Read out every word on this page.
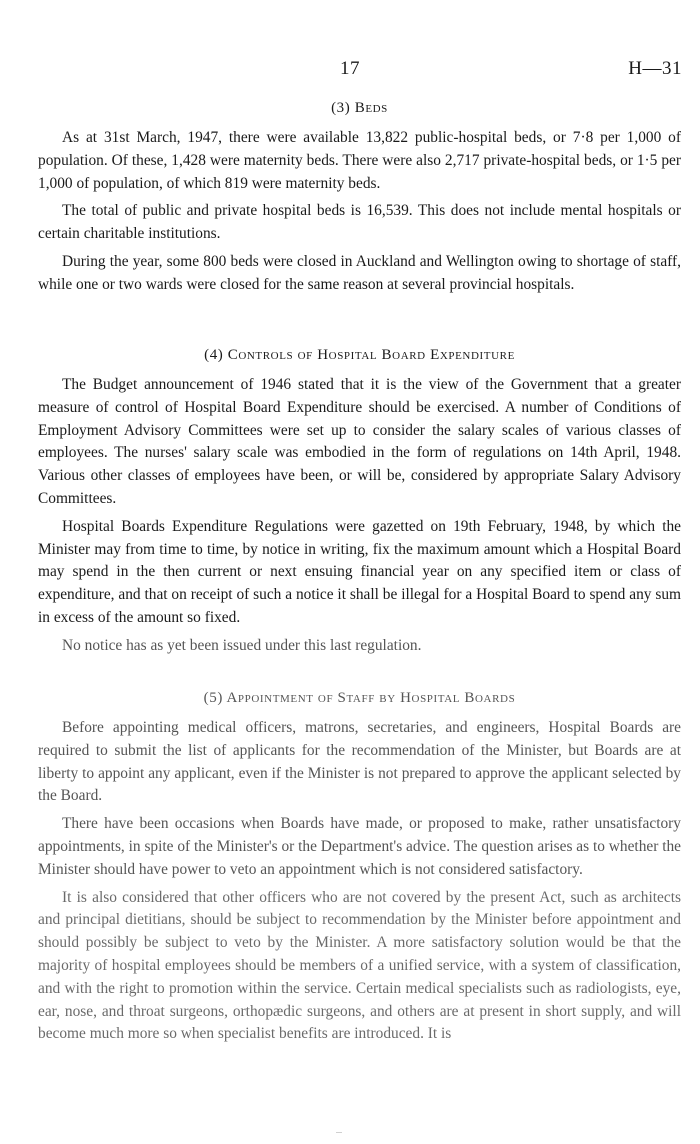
17	H—31
(3) Beds

As at 31st March, 1947, there were available 13,822 public-hospital beds, or 7·8 per 1,000 of population. Of these, 1,428 were maternity beds. There were also 2,717 private-hospital beds, or 1·5 per 1,000 of population, of which 819 were maternity beds.

The total of public and private hospital beds is 16,539. This does not include mental hospitals or certain charitable institutions.

During the year, some 800 beds were closed in Auckland and Wellington owing to shortage of staff, while one or two wards were closed for the same reason at several provincial hospitals.

(4) Controls of Hospital Board Expenditure

The Budget announcement of 1946 stated that it is the view of the Government that a greater measure of control of Hospital Board Expenditure should be exercised. A number of Conditions of Employment Advisory Committees were set up to consider the salary scales of various classes of employees. The nurses' salary scale was embodied in the form of regulations on 14th April, 1948. Various other classes of employees have been, or will be, considered by appropriate Salary Advisory Committees.

Hospital Boards Expenditure Regulations were gazetted on 19th February, 1948, by which the Minister may from time to time, by notice in writing, fix the maximum amount which a Hospital Board may spend in the then current or next ensuing financial year on any specified item or class of expenditure, and that on receipt of such a notice it shall be illegal for a Hospital Board to spend any sum in excess of the amount so fixed.

No notice has as yet been issued under this last regulation.

(5) Appointment of Staff by Hospital Boards

Before appointing medical officers, matrons, secretaries, and engineers, Hospital Boards are required to submit the list of applicants for the recommendation of the Minister, but Boards are at liberty to appoint any applicant, even if the Minister is not prepared to approve the applicant selected by the Board.

There have been occasions when Boards have made, or proposed to make, rather unsatisfactory appointments, in spite of the Minister's or the Department's advice. The question arises as to whether the Minister should have power to veto an appointment which is not considered satisfactory.

It is also considered that other officers who are not covered by the present Act, such as architects and principal dietitians, should be subject to recommendation by the Minister before appointment and should possibly be subject to veto by the Minister. A more satisfactory solution would be that the majority of hospital employees should be members of a unified service, with a system of classification, and with the right to promotion within the service. Certain medical specialists such as radiologists, eye, ear, nose, and throat surgeons, orthopædic surgeons, and others are at present in short supply, and will become much more so when specialist benefits are introduced. It is
